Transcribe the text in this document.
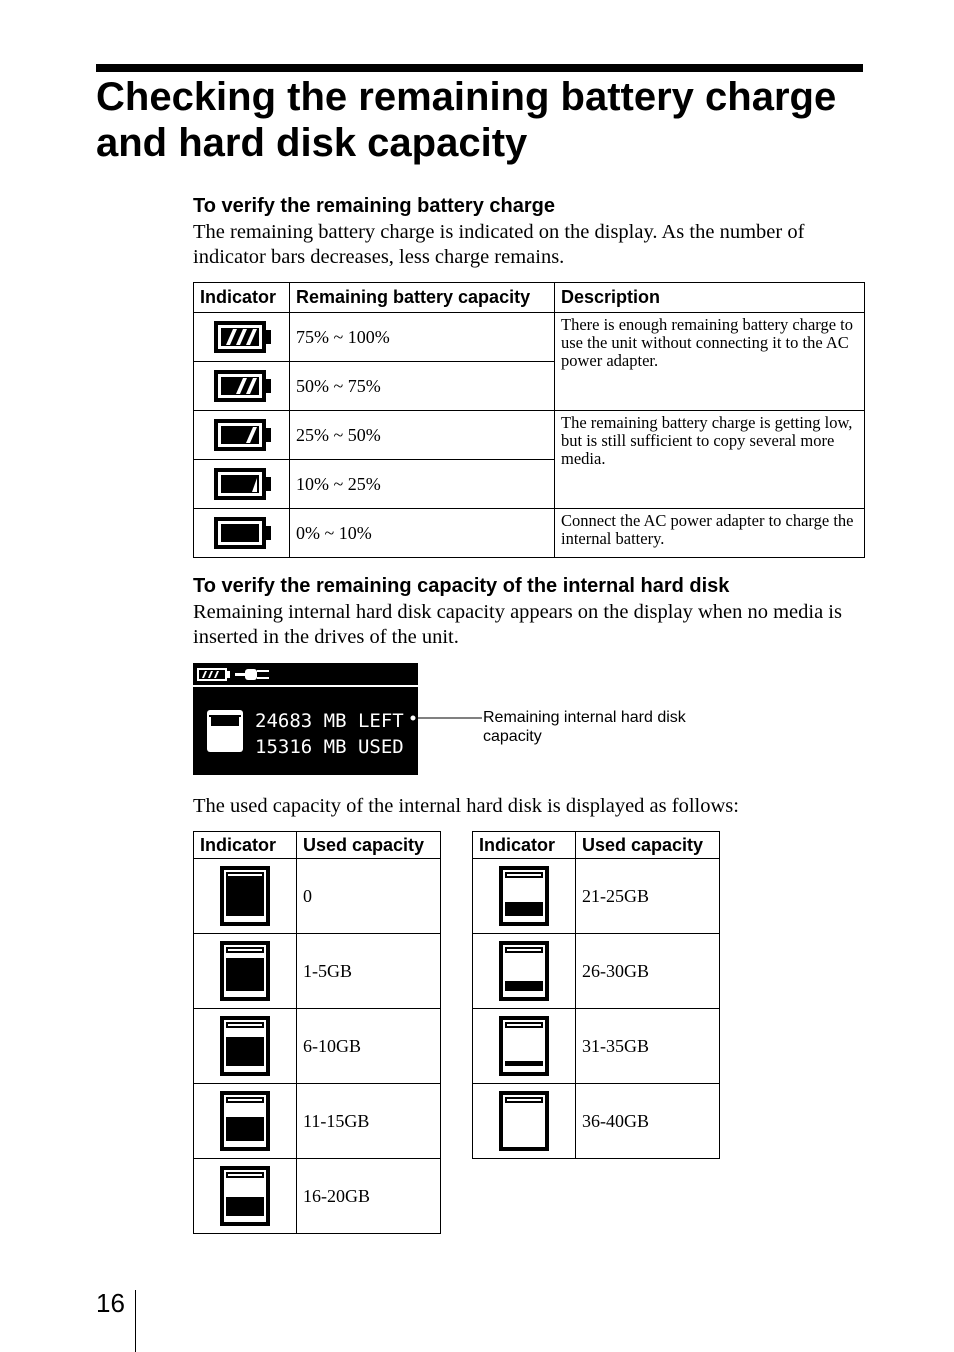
Checking the remaining battery charge and hard disk capacity
To verify the remaining battery charge

The remaining battery charge is indicated on the display. As the number of indicator bars decreases, less charge remains.

Indicator	Remaining battery capacity	Description

	75% ~ 100%	There is enough remaining battery charge to use the unit without connecting it to the AC power adapter.

	50% ~ 75%	

	25% ~ 50%	The remaining battery charge is getting low, but is still sufficient to copy several more media.

	10% ~ 25%	

	0% ~ 10%	Connect the AC power adapter to charge the internal battery.
To verify the remaining capacity of the internal hard disk

Remaining internal hard disk capacity appears on the display when no media is inserted in the drives of the unit.

24683 MB LEFT
15316 MB USED

Remaining internal hard disk capacity

The used capacity of the internal hard disk is displayed as follows:

Indicator	Used capacity

	0

	1-5GB

	6-10GB

	11-15GB

	16-20GB
Indicator	Used capacity

	21-25GB

	26-30GB

	31-35GB

	36-40GB

16
